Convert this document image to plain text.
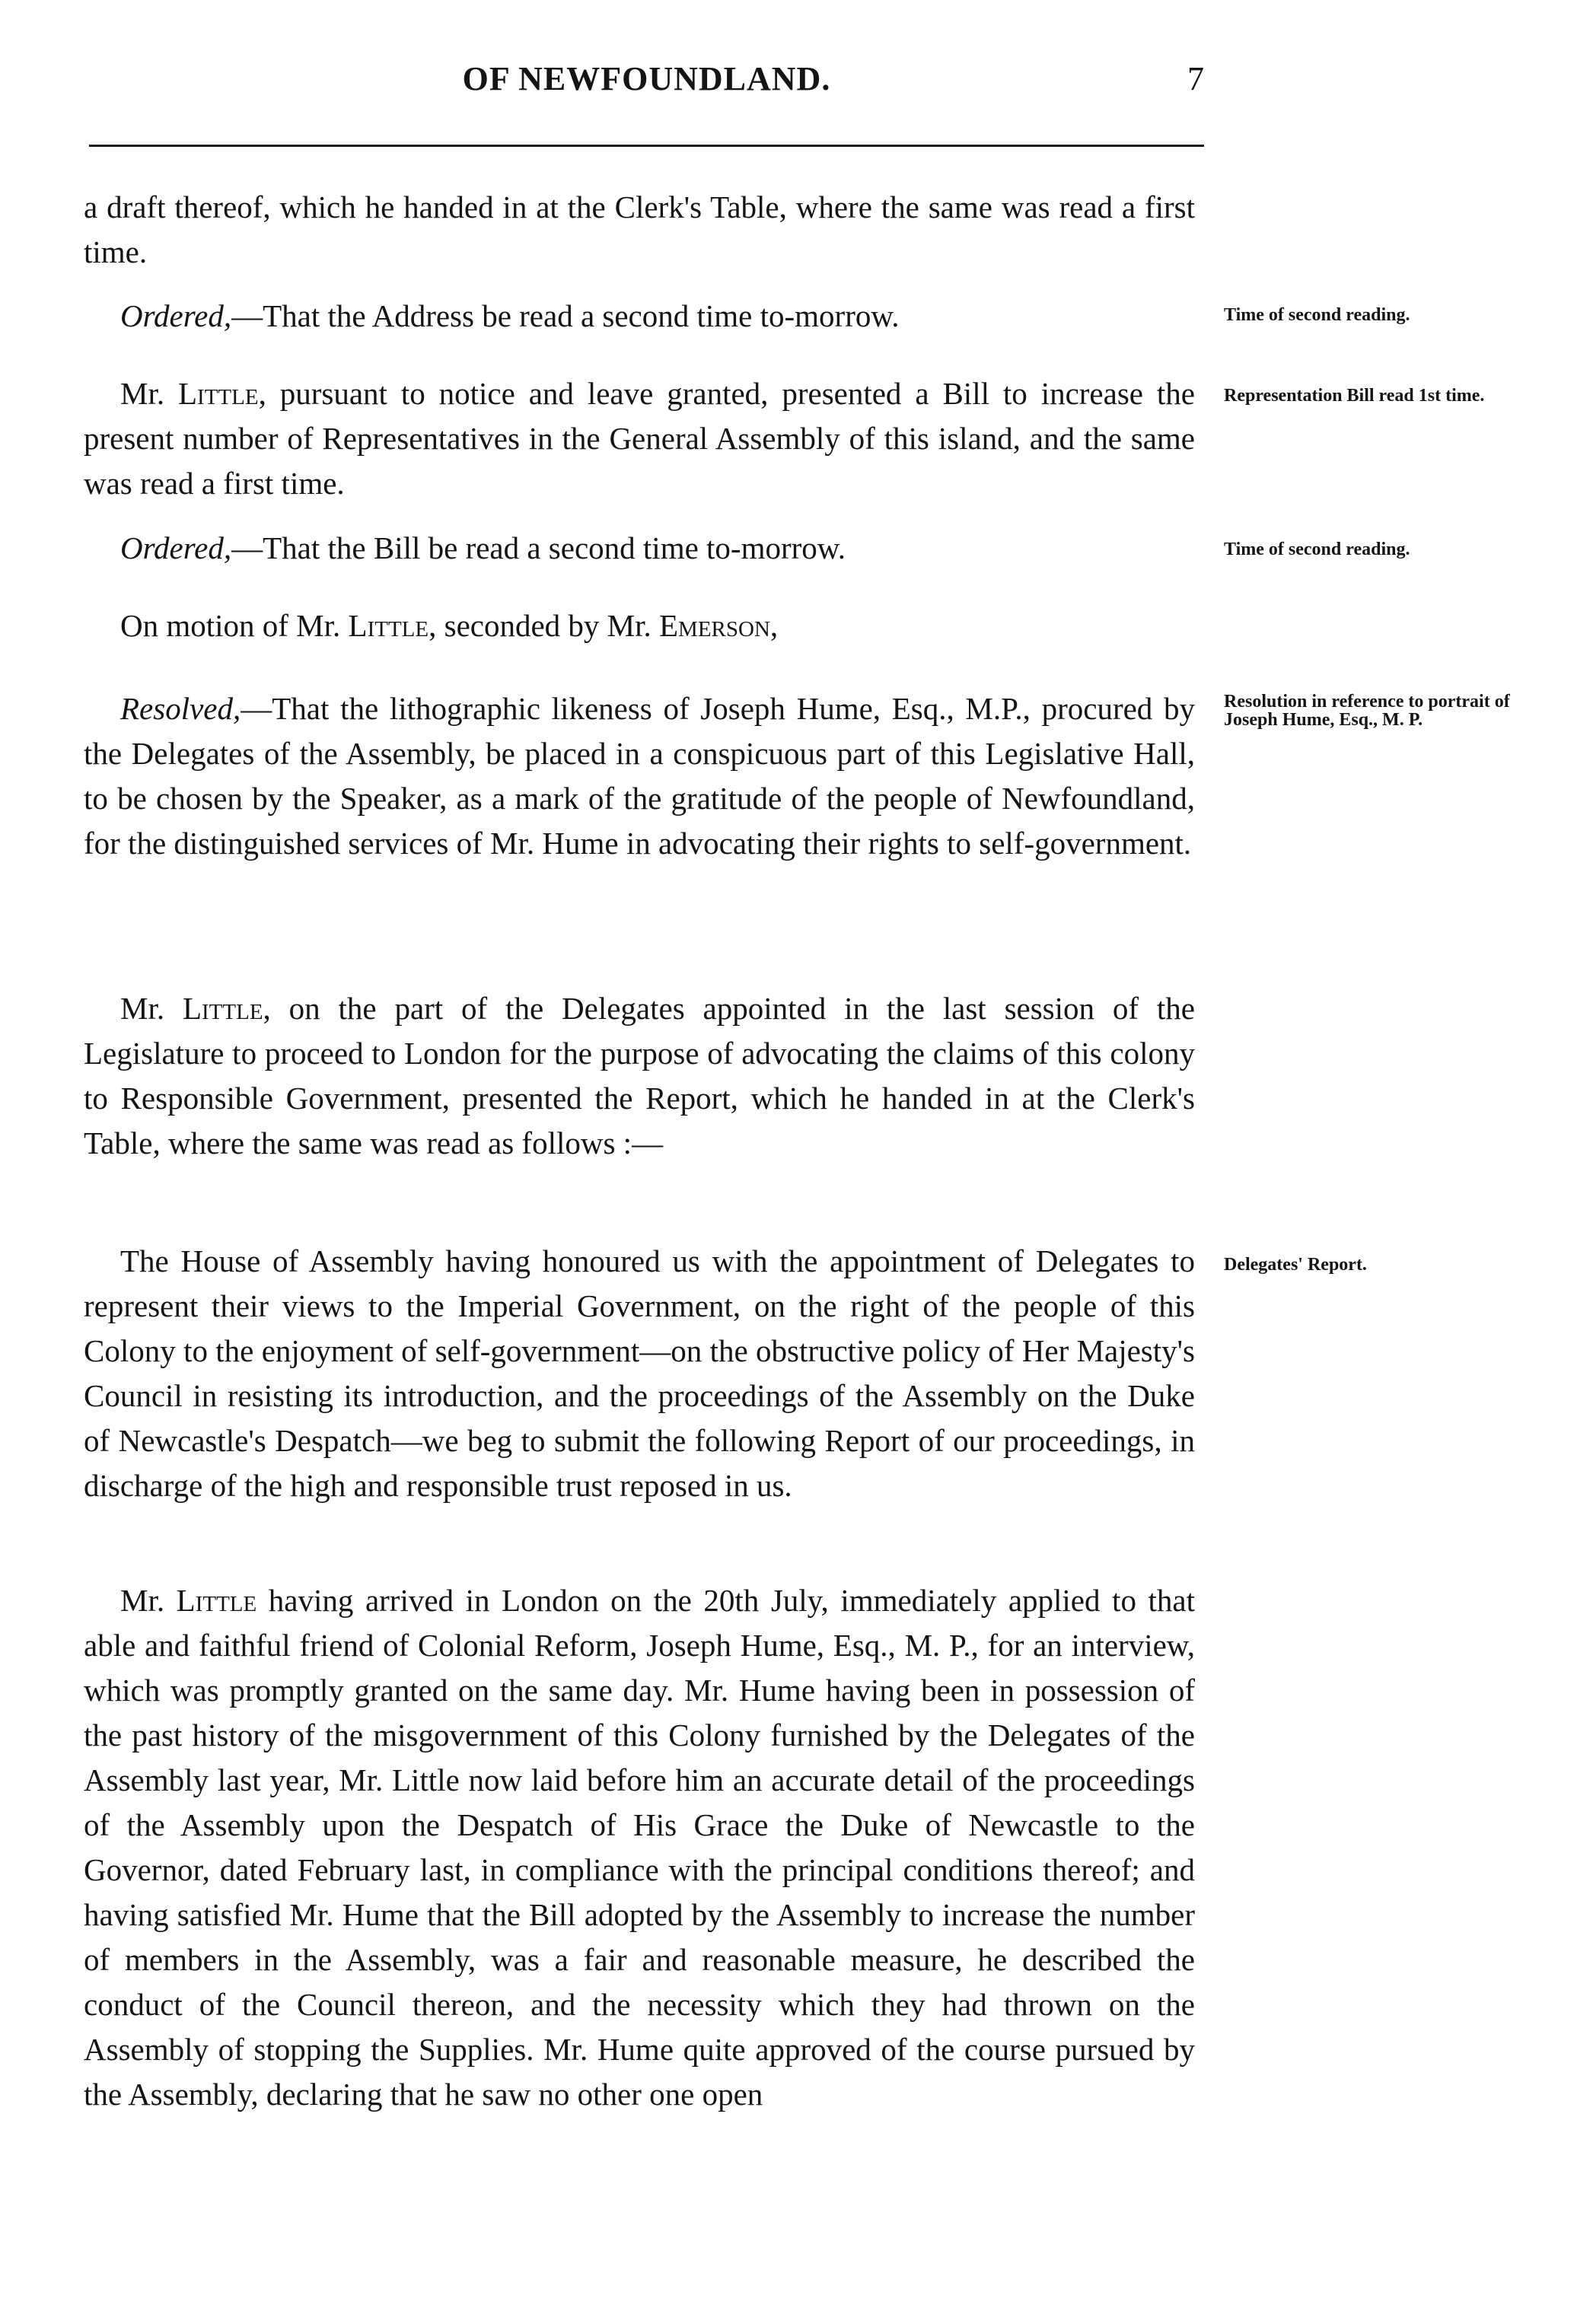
OF NEWFOUNDLAND.	7

a draft thereof, which he handed in at the Clerk's Table, where the same was read a first time.

Ordered,—That the Address be read a second time to-morrow.	Time of second reading.

Mr. Little, pursuant to notice and leave granted, presented a Bill to increase the present number of Representatives in the General Assembly of this island, and the same was read a first time.

Representation Bill read 1st time.

Ordered,—That the Bill be read a second time to-morrow.	Time of second reading.

On motion of Mr. Little, seconded by Mr. Emerson,

Resolved,—That the lithographic likeness of Joseph Hume, Esq., M.P., procured by the Delegates of the Assembly, be placed in a conspicuous part of this Legislative Hall, to be chosen by the Speaker, as a mark of the gratitude of the people of Newfoundland, for the distinguished services of Mr. Hume in advocating their rights to self-government.

Resolution in reference to portrait of Joseph Hume, Esq., M. P.

Mr. Little, on the part of the Delegates appointed in the last session of the Legislature to proceed to London for the purpose of advocating the claims of this colony to Responsible Government, presented the Report, which he handed in at the Clerk's Table, where the same was read as follows :—

The House of Assembly having honoured us with the appointment of Delegates to represent their views to the Imperial Government, on the right of the people of this Colony to the enjoyment of self-government—on the obstructive policy of Her Majesty's Council in resisting its introduction, and the proceedings of the Assembly on the Duke of Newcastle's Despatch—we beg to submit the following Report of our proceedings, in discharge of the high and responsible trust reposed in us.

Delegates' Report.

Mr. Little having arrived in London on the 20th July, immediately applied to that able and faithful friend of Colonial Reform, Joseph Hume, Esq., M. P., for an interview, which was promptly granted on the same day. Mr. Hume having been in possession of the past history of the misgovernment of this Colony furnished by the Delegates of the Assembly last year, Mr. Little now laid before him an accurate detail of the proceedings of the Assembly upon the Despatch of His Grace the Duke of Newcastle to the Governor, dated February last, in compliance with the principal conditions thereof; and having satisfied Mr. Hume that the Bill adopted by the Assembly to increase the number of members in the Assembly, was a fair and reasonable measure, he described the conduct of the Council thereon, and the necessity which they had thrown on the Assembly of stopping the Supplies. Mr. Hume quite approved of the course pursued by the Assembly, declaring that he saw no other one open
